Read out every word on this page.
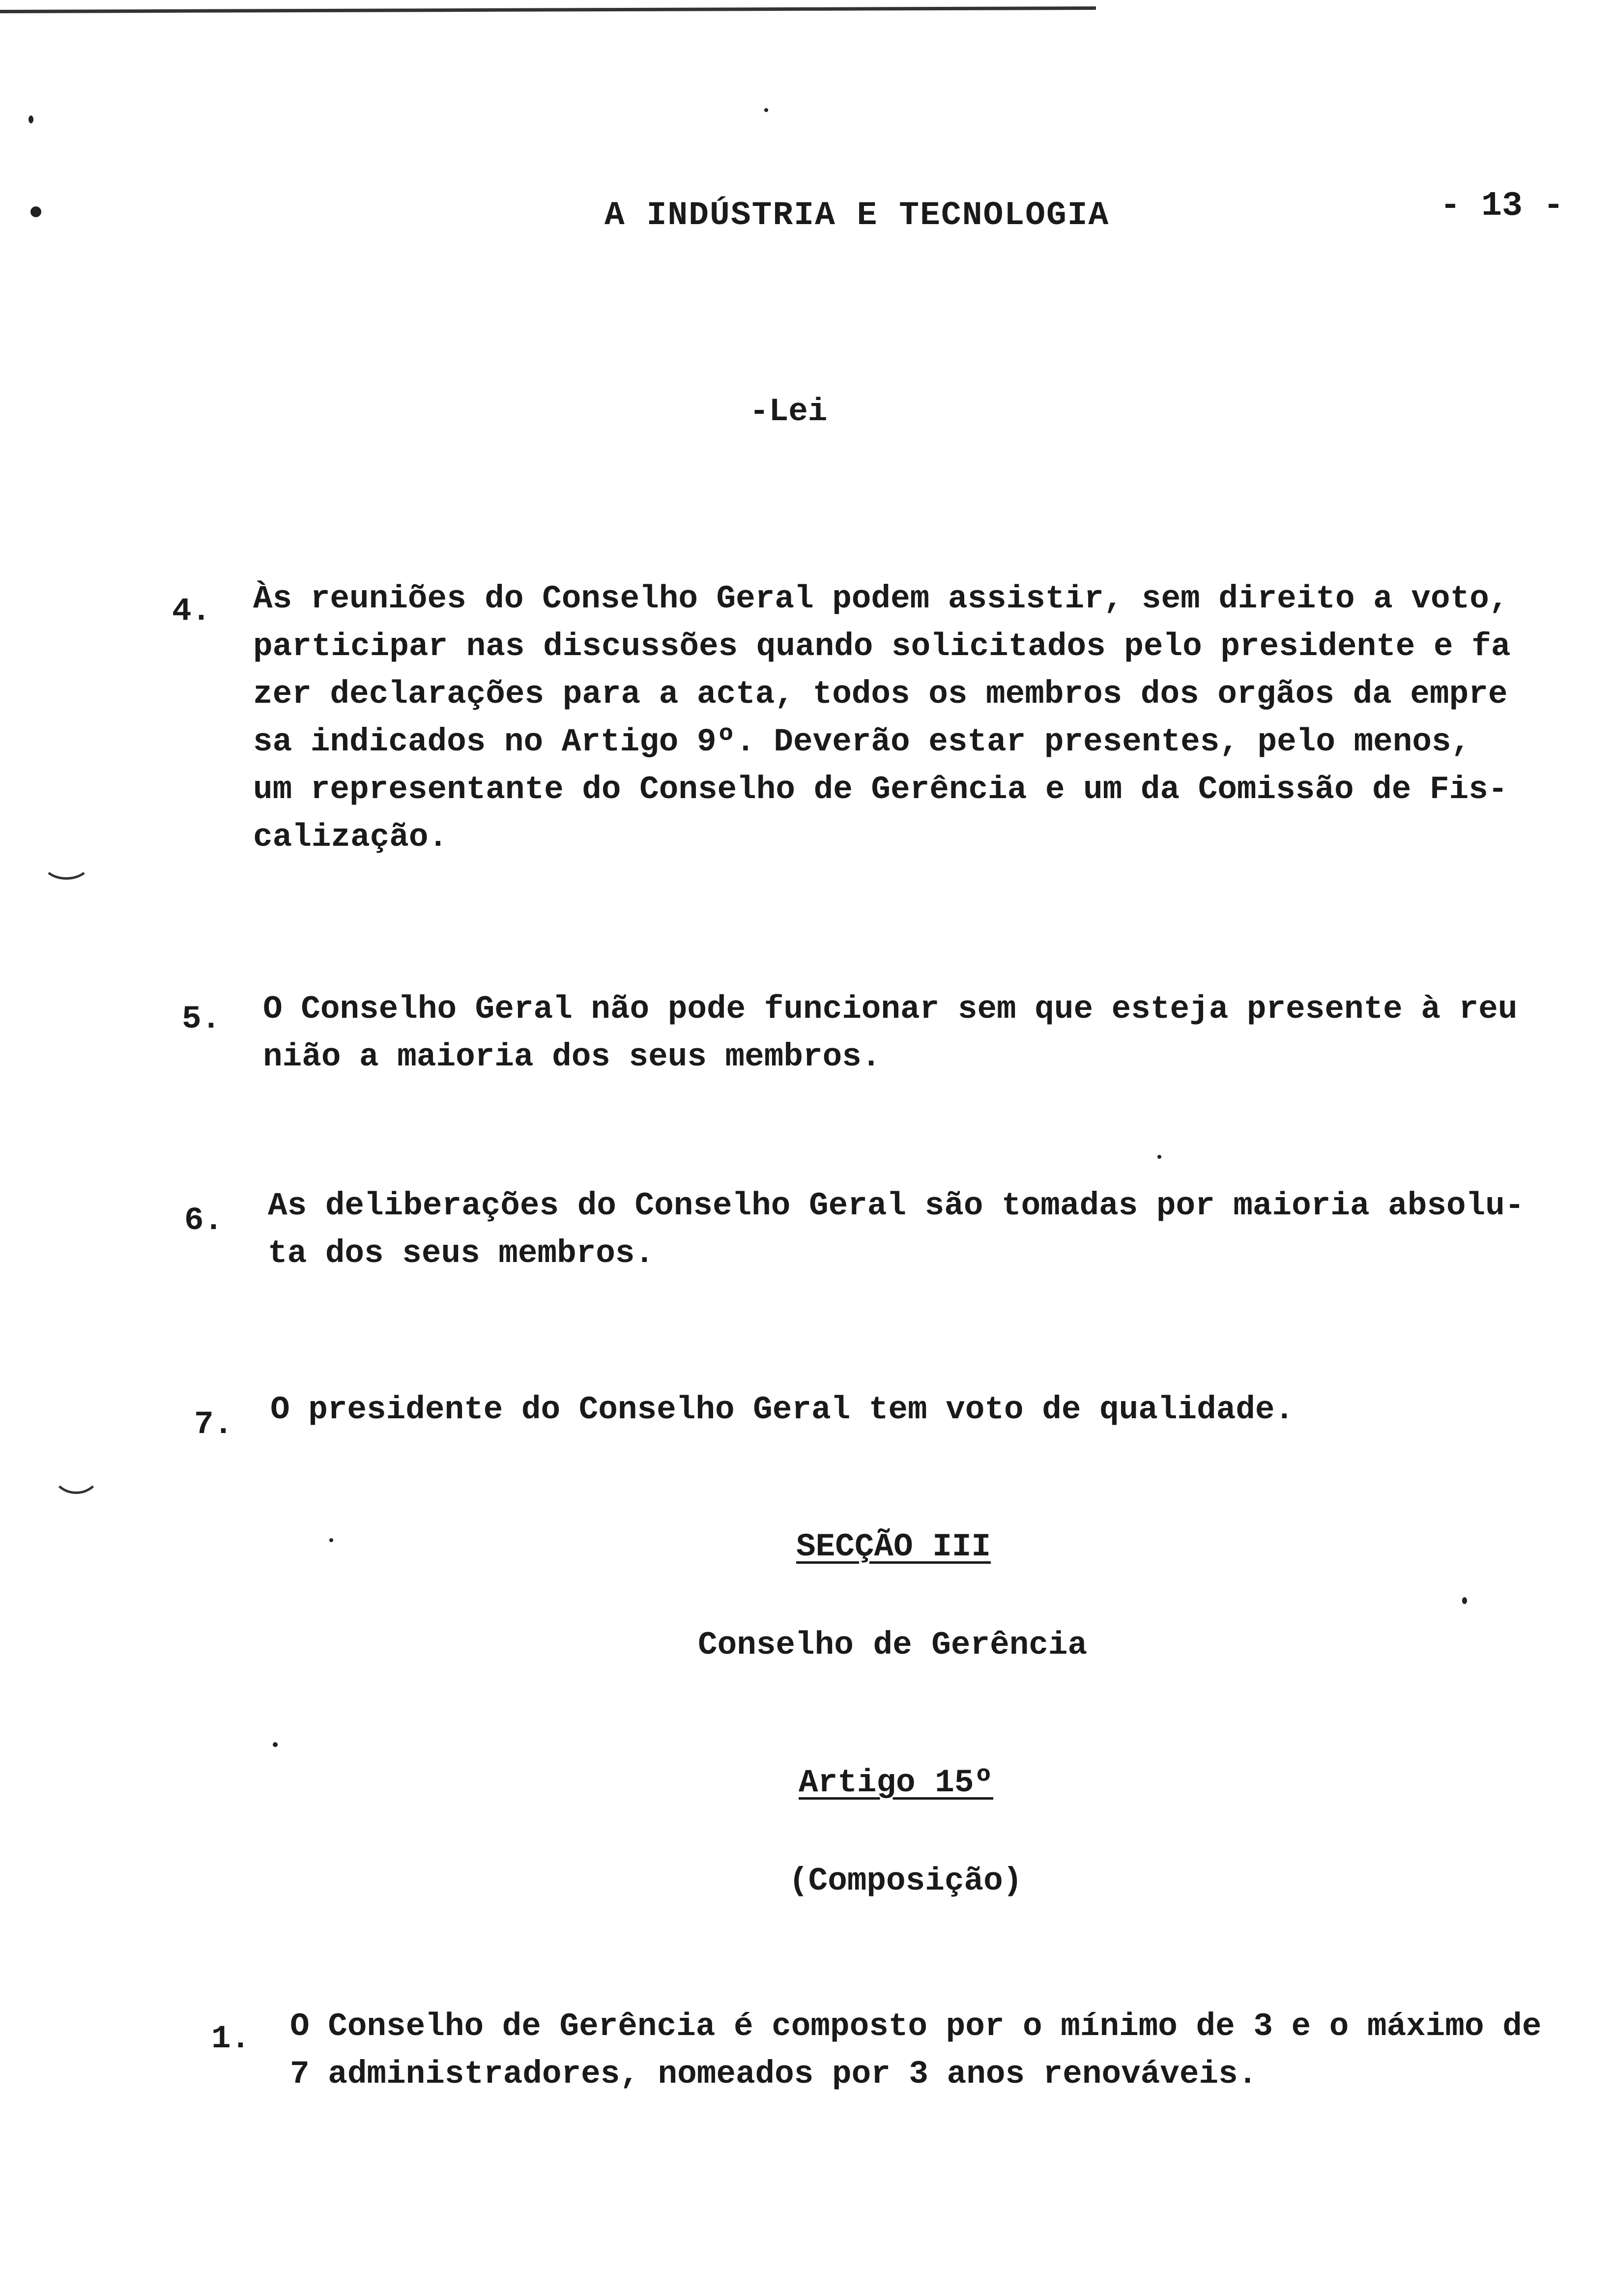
A INDÚSTRIA E TECNOLOGIA	- 13 -
-Lei
4. Às reuniões do Conselho Geral podem assistir, sem direito a voto,
participar nas discussões quando solicitados pelo presidente e fa
zer declarações para a acta, todos os membros dos orgãos da empre
sa indicados no Artigo 9º. Deverão estar presentes, pelo menos,
um representante do Conselho de Gerência e um da Comissão de Fis-
calização.
5. O Conselho Geral não pode funcionar sem que esteja presente à reu
nião a maioria dos seus membros.
6. As deliberações do Conselho Geral são tomadas por maioria absolu-
ta dos seus membros.
7. O presidente do Conselho Geral tem voto de qualidade.
SECÇÃO III
Conselho de Gerência
Artigo 15º
(Composição)
1. O Conselho de Gerência é composto por o mínimo de 3 e o máximo de
7 administradores, nomeados por 3 anos renováveis.
